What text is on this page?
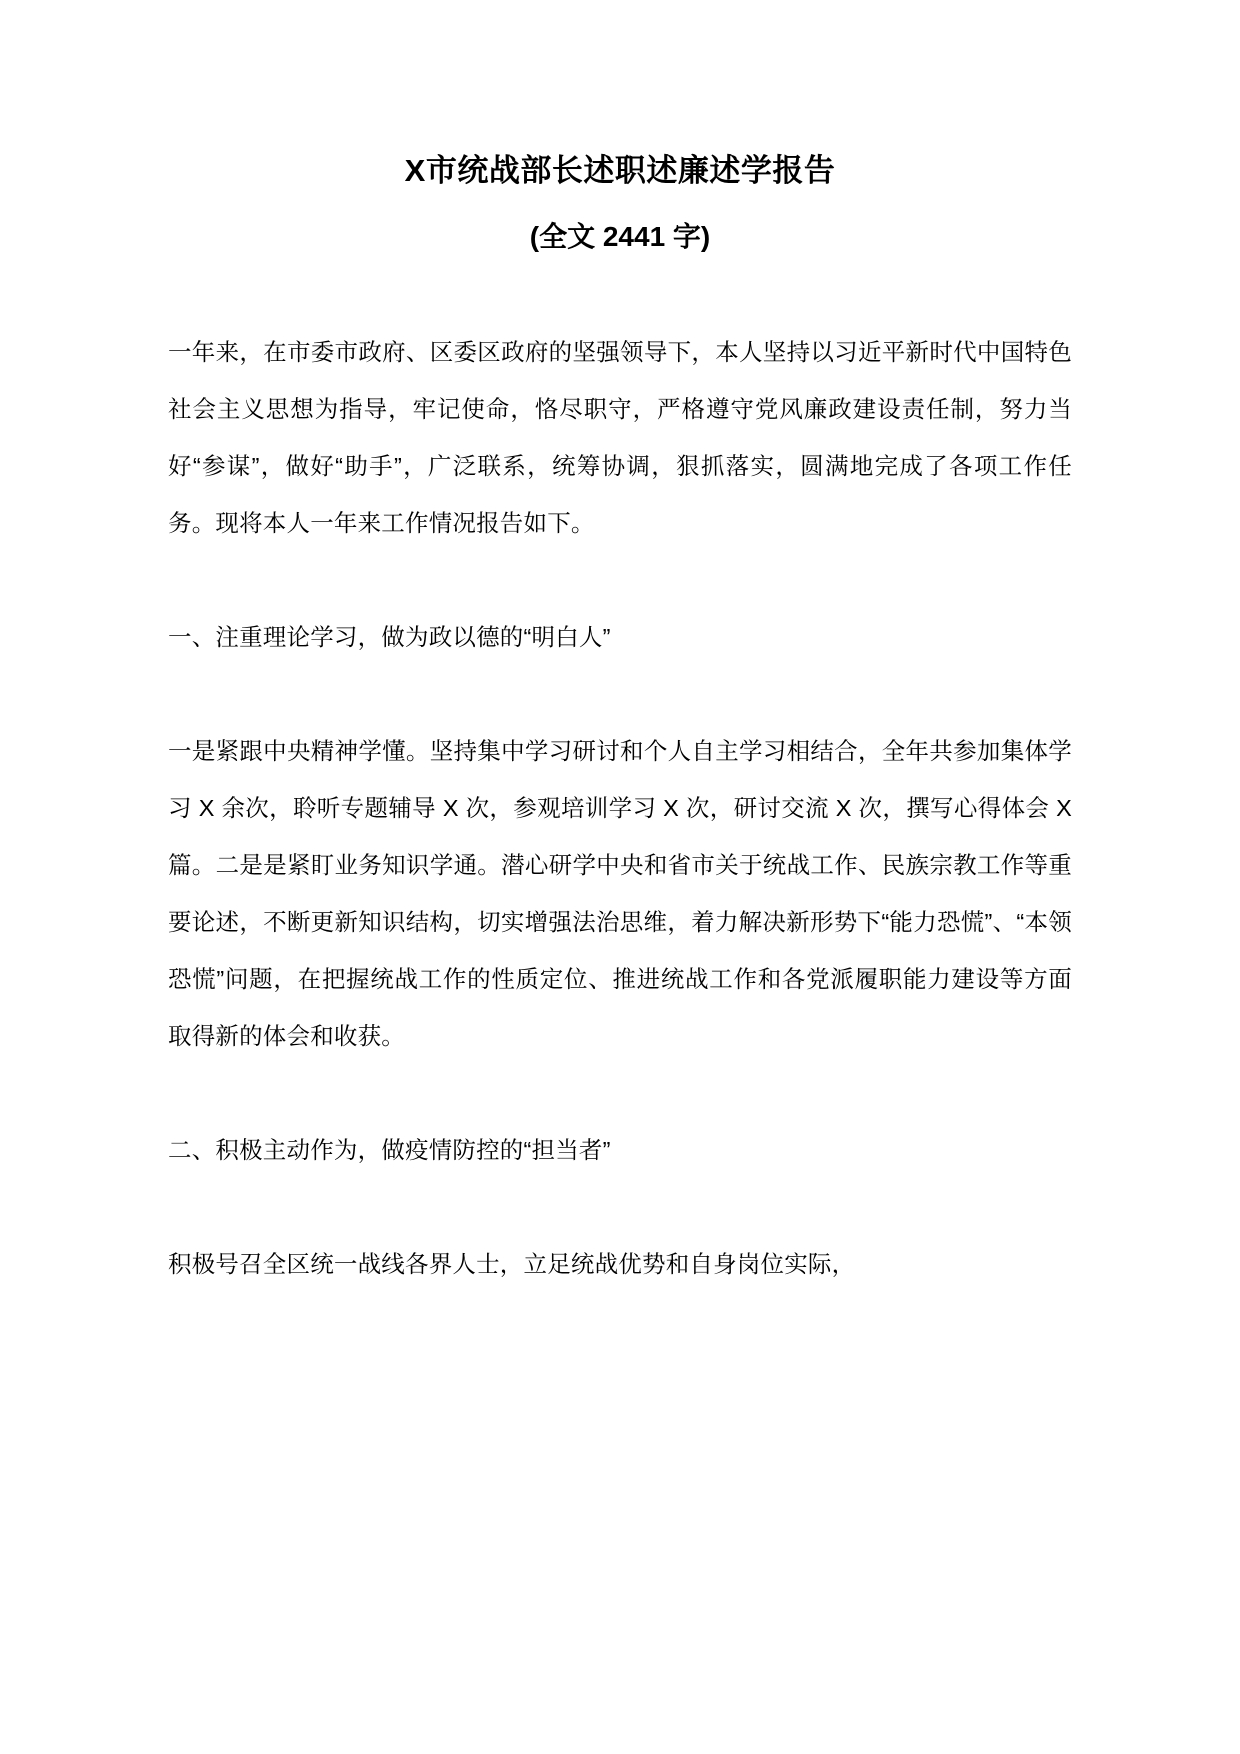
X市统战部长述职述廉述学报告
(全文 2441 字)

一年来，在市委市政府、区委区政府的坚强领导下，本人坚持以习近平新时代中国特色社会主义思想为指导，牢记使命，恪尽职守，严格遵守党风廉政建设责任制，努力当好“参谋”，做好“助手”，广泛联系，统筹协调，狠抓落实，圆满地完成了各项工作任务。现将本人一年来工作情况报告如下。

一、注重理论学习，做为政以德的“明白人”

一是紧跟中央精神学懂。坚持集中学习研讨和个人自主学习相结合，全年共参加集体学习 X 余次，聆听专题辅导 X 次，参观培训学习 X 次，研讨交流 X 次，撰写心得体会 X 篇。二是是紧盯业务知识学通。潜心研学中央和省市关于统战工作、民族宗教工作等重要论述，不断更新知识结构，切实增强法治思维，着力解决新形势下“能力恐慌”、“本领恐慌”问题，在把握统战工作的性质定位、推进统战工作和各党派履职能力建设等方面取得新的体会和收获。

二、积极主动作为，做疫情防控的“担当者”

积极号召全区统一战线各界人士，立足统战优势和自身岗位实际，
